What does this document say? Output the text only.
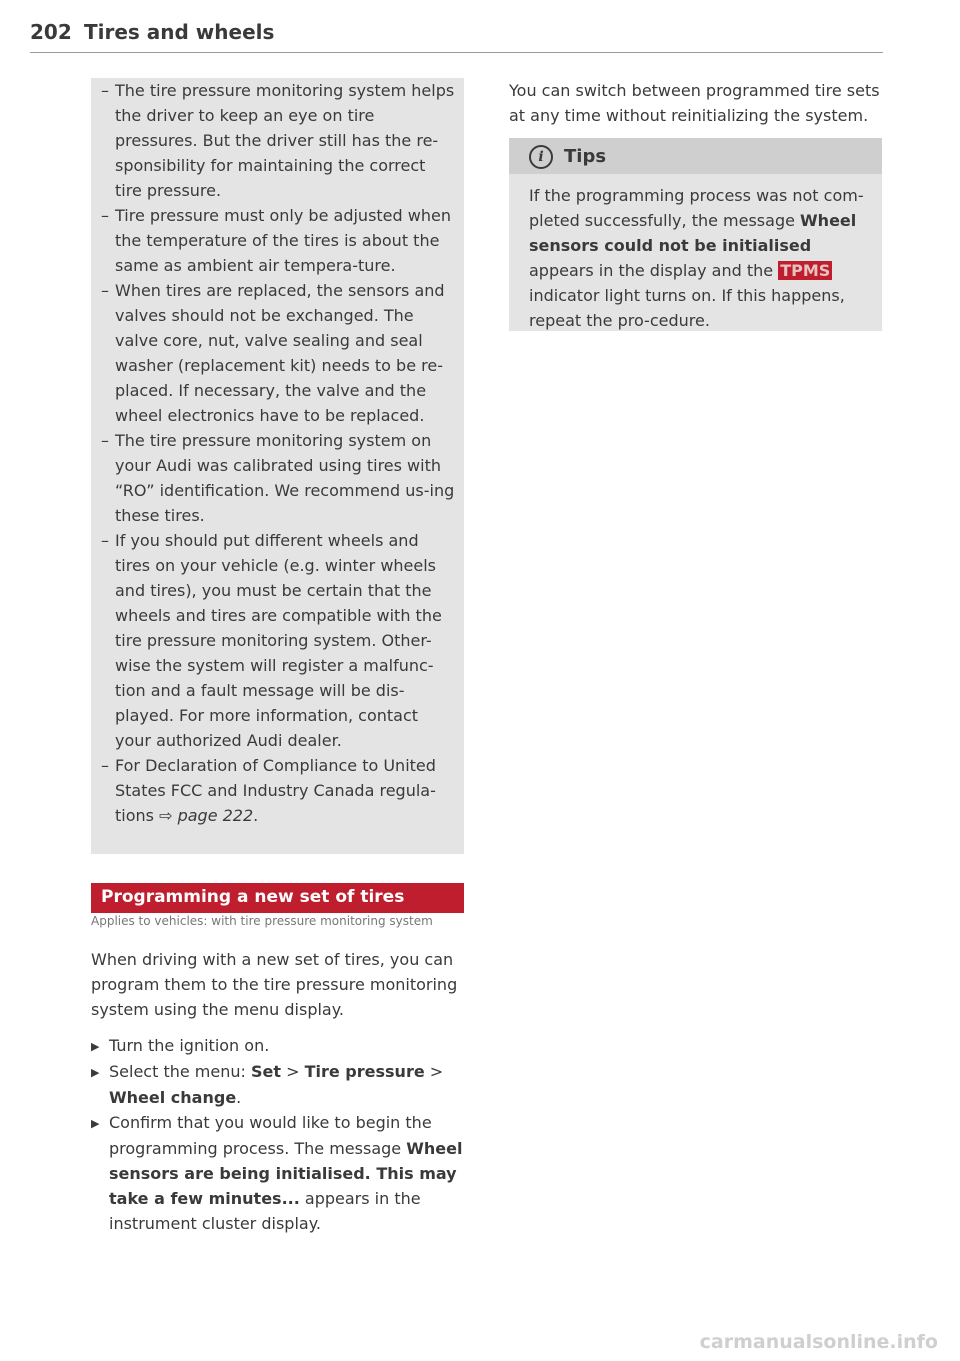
202 Tires and wheels
– The tire pressure monitoring system helps the driver to keep an eye on tire pressures. But the driver still has the re-sponsibility for maintaining the correct tire pressure.
– Tire pressure must only be adjusted when the temperature of the tires is about the same as ambient air tempera-ture.
– When tires are replaced, the sensors and valves should not be exchanged. The valve core, nut, valve sealing and seal washer (replacement kit) needs to be re-placed. If necessary, the valve and the wheel electronics have to be replaced.
– The tire pressure monitoring system on your Audi was calibrated using tires with “RO” identification. We recommend us-ing these tires.
– If you should put different wheels and tires on your vehicle (e.g. winter wheels and tires), you must be certain that the wheels and tires are compatible with the tire pressure monitoring system. Other-wise the system will register a malfunc-tion and a fault message will be dis-played. For more information, contact your authorized Audi dealer.
– For Declaration of Compliance to United States FCC and Industry Canada regula-tions ⇨ page 222.
Programming a new set of tires
Applies to vehicles: with tire pressure monitoring system

When driving with a new set of tires, you can program them to the tire pressure monitoring system using the menu display.

▶ Turn the ignition on.
▶ Select the menu: Set > Tire pressure > Wheel change.
▶ Confirm that you would like to begin the programming process. The message Wheel sensors are being initialised. This may take a few minutes... appears in the instrument cluster display.

You can switch between programmed tire sets at any time without reinitializing the system.

i	Tips

If the programming process was not com-pleted successfully, the message Wheel sensors could not be initialised appears in the display and the TPMS indicator light turns on. If this happens, repeat the pro-cedure.

carmanualsonline.info
